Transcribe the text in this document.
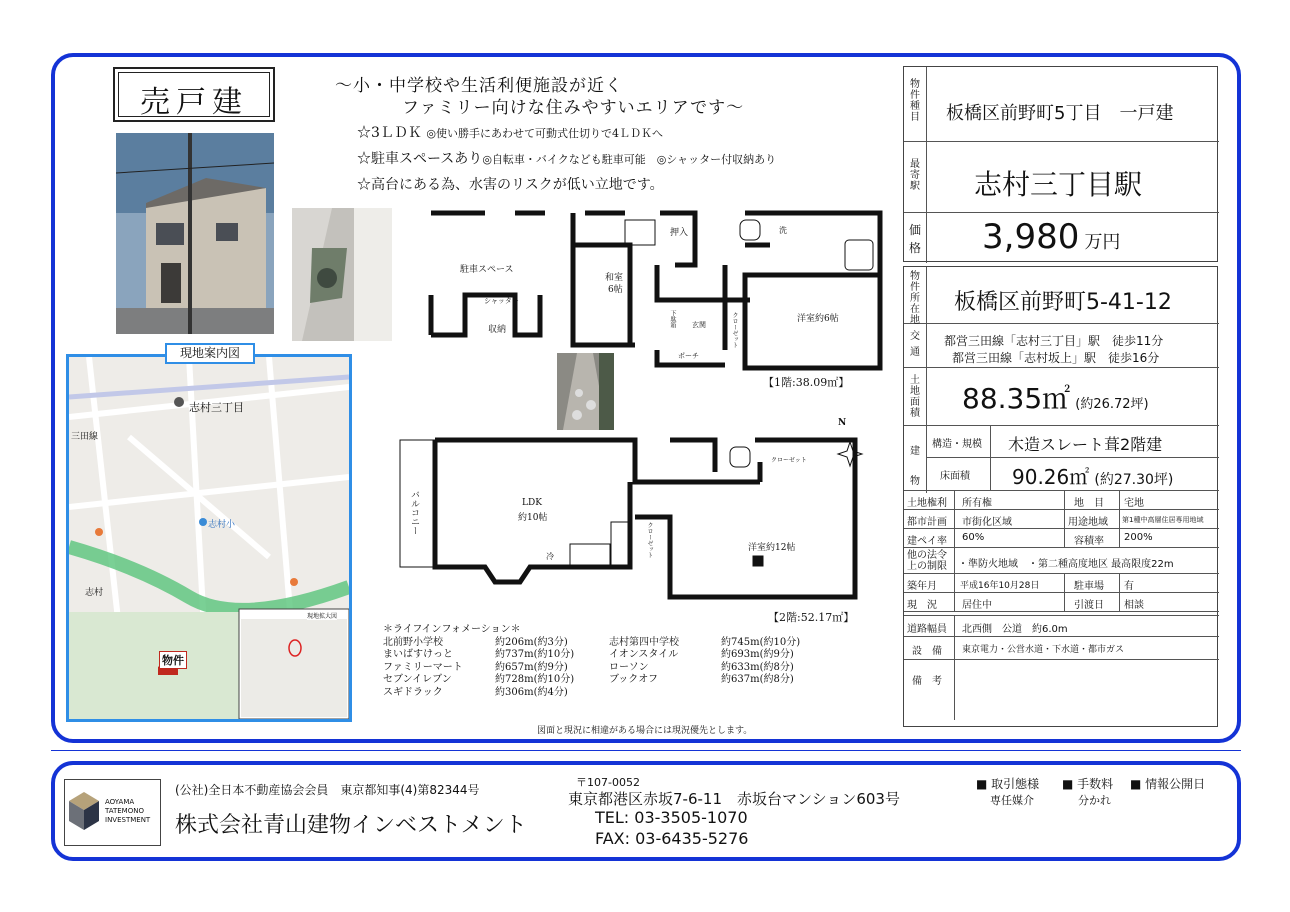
売戸建	～小・中学校や生活利便施設が近く
ファミリー向けな住みやすいエリアです～
☆3ＬＤＫ ◎使い勝手にあわせて可動式仕切りで4ＬＤＫへ
☆駐車スペースあり◎自転車・バイクなども駐車可能　◎シャッター付収納あり
☆高台にある為、水害のリスクが低い立地です。
志村三丁目
三田線
志村小
志村
物件
現地拡大図
現地案内図
駐車スペース
シャッター
収納
和室
6帖
押入
玄関
下駄箱	クローゼット
ポーチ
洗
洋室約6帖
【1階:38.09㎡】
N
バルコニー	LDK
約10帖
冷
クローゼット
クローゼット	洋室約12帖
【2階:52.17㎡】
＊ライフインフォメーション＊
北前野小学校	約206m(約3分)	志村第四中学校	約745m(約10分)
まいばすけっと	約737m(約10分)	イオンスタイル	約693m(約9分)
ファミリーマート	約657m(約9分)	ローソン	約633m(約8分)
セブンイレブン	約728m(約10分)	ブックオフ	約637m(約8分)
スギドラック	約306m(約4分)
図面と現況に相違がある場合には現況優先とします。
物件種目 板橋区前野町5丁目　一戸建
最寄駅 志村三丁目駅
価格 3,980 万円
物件所在地
板橋区前野町5-41-12
交通
都営三田線「志村三丁目」駅　徒歩11分
都営三田線「志村坂上」駅　徒歩16分
土地面積 88.35㎡ (約26.72坪)
建物
構造・規模 木造スレート葺2階建
床面積 90.26㎡ (約27.30坪)
土地権利 所有権	地　目 宅地
都市計画 市街化区域	用途地域 第1種中高層住居専用地域
建ペイ率 60%	容積率 200%
他の法令上の制限	・準防火地域　・第二種高度地区 最高限度22m
築年月	平成16年10月28日	駐車場 有
現　況	居住中	引渡日 相談
道路幅員 北西側　公道　約6.0m
設　備 東京電力・公営水道・下水道・都市ガス
備　考
AOYAMA
TATEMONO
INVESTMENT
(公社)全日本不動産協会会員　東京都知事(4)第82344号
株式会社青山建物インベストメント
〒107-0052
東京都港区赤坂7-6-11　赤坂台マンション603号
TEL: 03-3505-1070
FAX: 03-6435-5276
■ 取引態様
専任媒介
■ 手数料
分かれ
■ 情報公開日
